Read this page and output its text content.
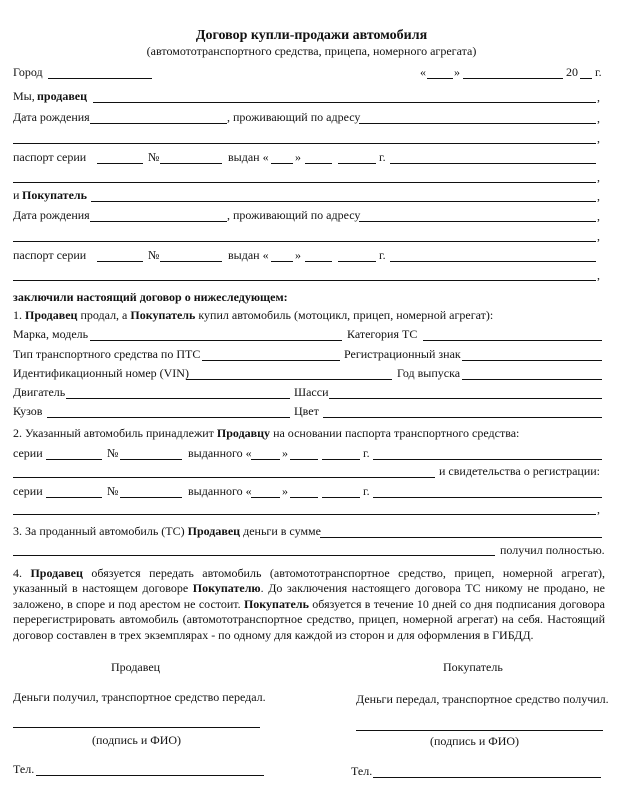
Договор купли-продажи автомобиля
(автомототранспортного средства, прицепа, номерного агрегата)
Город	« »	20 г.
Мы, продавец	,
Дата рождения	, проживающий по адресу	,
,
паспорт серии	№	выдан « »	г.
,
и Покупатель	,
Дата рождения	, проживающий по адресу	,
,
паспорт серии	№	выдан « »	г.
,
заключили настоящий договор о нижеследующем:
1. Продавец продал, а Покупатель купил автомобиль (мотоцикл, прицеп, номерной агрегат):
Марка, модель	Категория ТС
Тип транспортного средства по ПТС	Регистрационный знак
Идентификационный номер (VIN)	Год выпуска
Двигатель	Шасси
Кузов	Цвет
2. Указанный автомобиль принадлежит Продавцу на основании паспорта транспортного средства:
серии	№	выданного «	»	г.
и свидетельства о регистрации:
серии	№	выданного «	»	г.
,
3. За проданный автомобиль (ТС) Продавец деньги в сумме
получил полностью.
4. Продавец обязуется передать автомобиль (автомототранспортное средство, прицеп, номерной агрегат), указанный в настоящем договоре Покупателю. До заключения настоящего договора ТС никому не продано, не заложено, в споре и под арестом не состоит. Покупатель обязуется в течение 10 дней со дня подписания договора перерегистрировать автомобиль (автомототранспортное средство, прицеп, номерной агрегат) на себя. Настоящий договор составлен в трех экземплярах - по одному для каждой из сторон и для оформления в ГИБДД.
Продавец	Покупатель
Деньги получил, транспортное средство передал.	Деньги передал, транспортное средство получил.
(подпись и ФИО)	(подпись и ФИО)
Тел.	Тел.
